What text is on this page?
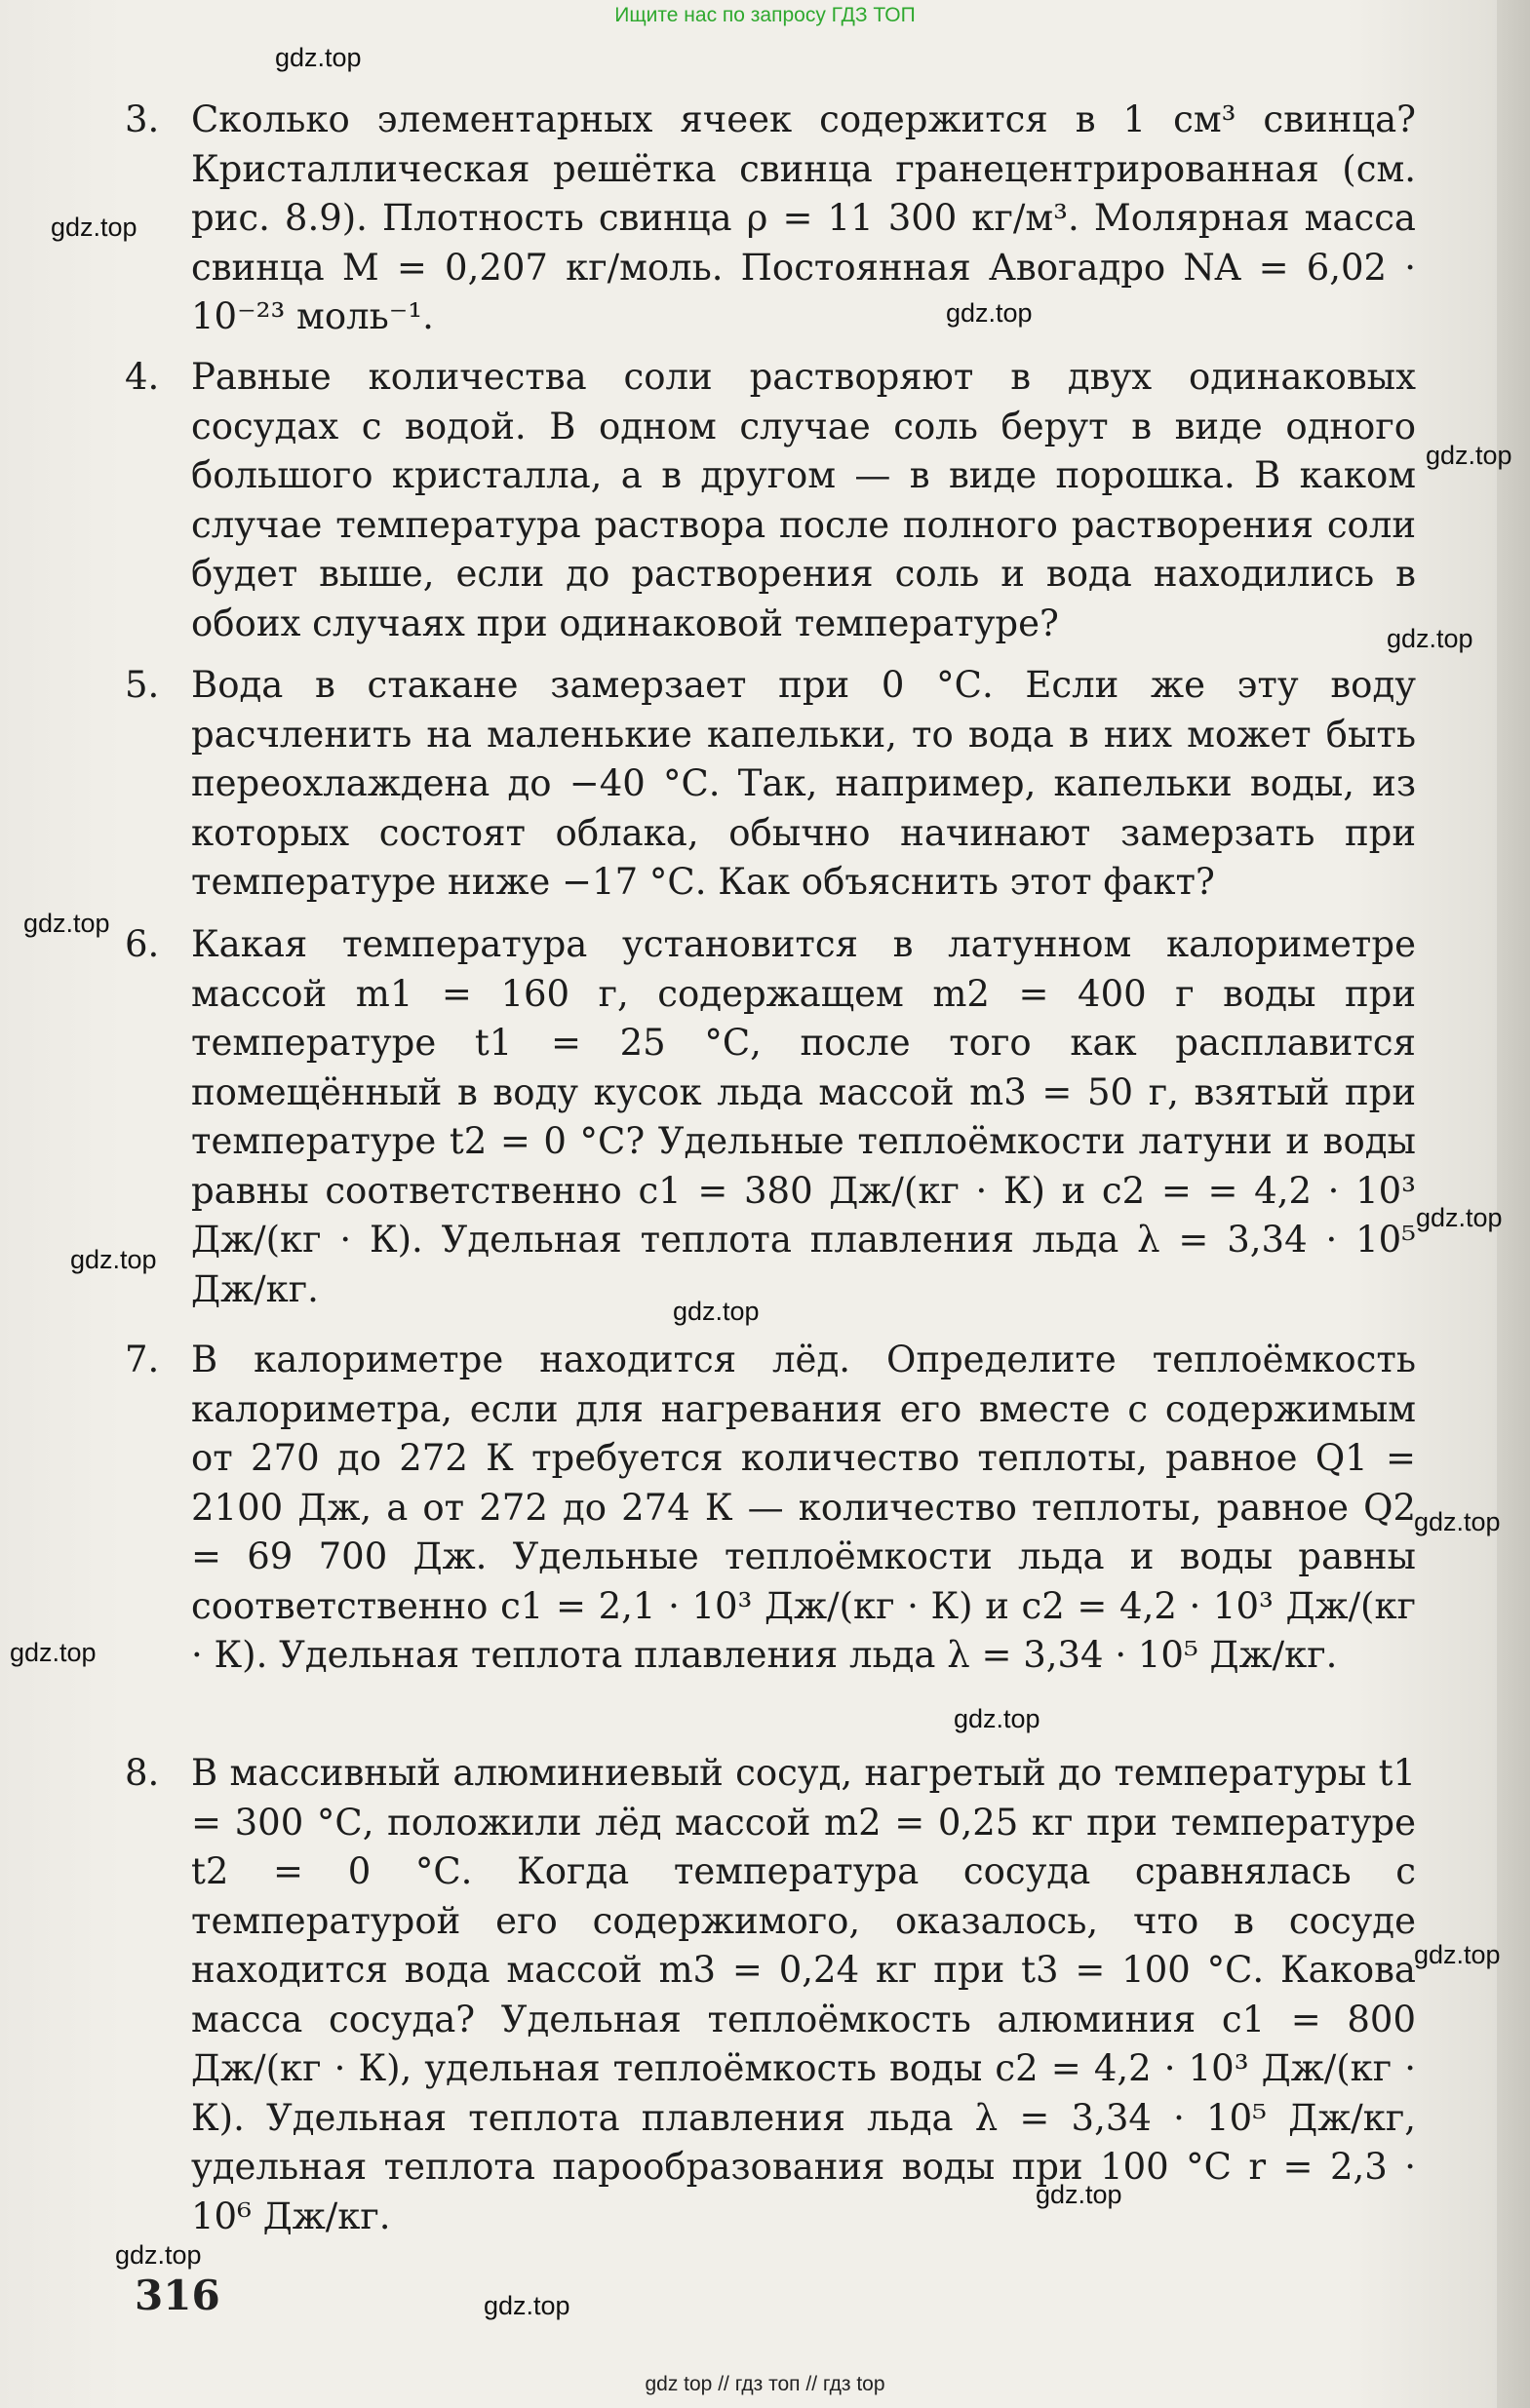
Ищите нас по запросу ГДЗ ТОП
gdz.top
gdz.top
gdz.top
gdz.top
gdz.top
gdz.top
gdz.top
gdz.top
gdz.top
gdz.top
gdz.top
gdz.top
gdz.top
gdz.top
gdz.top
gdz.top
3. Сколько элементарных ячеек содержится в 1 см³ свинца? Кристаллическая решётка свинца гранецентрированная (см. рис. 8.9). Плотность свинца ρ = 11 300 кг/м³. Молярная масса свинца M = 0,207 кг/моль. Постоянная Авогадро NA = 6,02 · 10⁻²³ моль⁻¹.
4. Равные количества соли растворяют в двух одинаковых сосудах с водой. В одном случае соль берут в виде одного большого кристалла, а в другом — в виде порошка. В каком случае температура раствора после полного растворения соли будет выше, если до растворения соль и вода находились в обоих случаях при одинаковой температуре?
5. Вода в стакане замерзает при 0 °С. Если же эту воду расчленить на маленькие капельки, то вода в них может быть переохлаждена до −40 °С. Так, например, капельки воды, из которых состоят облака, обычно начинают замерзать при температуре ниже −17 °С. Как объяснить этот факт?
6. Какая температура установится в латунном калориметре массой m1 = 160 г, содержащем m2 = 400 г воды при температуре t1 = 25 °С, после того как расплавится помещённый в воду кусок льда массой m3 = 50 г, взятый при температуре t2 = 0 °С? Удельные теплоёмкости латуни и воды равны соответственно c1 = 380 Дж/(кг · К) и c2 = = 4,2 · 10³ Дж/(кг · К). Удельная теплота плавления льда λ = 3,34 · 10⁵ Дж/кг.
7. В калориметре находится лёд. Определите теплоёмкость калориметра, если для нагревания его вместе с содержимым от 270 до 272 К требуется количество теплоты, равное Q1 = 2100 Дж, а от 272 до 274 К — количество теплоты, равное Q2 = 69 700 Дж. Удельные теплоёмкости льда и воды равны соответственно c1 = 2,1 · 10³ Дж/(кг · К) и c2 = 4,2 · 10³ Дж/(кг · К). Удельная теплота плавления льда λ = 3,34 · 10⁵ Дж/кг.
8. В массивный алюминиевый сосуд, нагретый до температуры t1 = 300 °С, положили лёд массой m2 = 0,25 кг при температуре t2 = 0 °С. Когда температура сосуда сравнялась с температурой его содержимого, оказалось, что в сосуде находится вода массой m3 = 0,24 кг при t3 = 100 °С. Какова масса сосуда? Удельная теплоёмкость алюминия c1 = 800 Дж/(кг · К), удельная теплоёмкость воды c2 = 4,2 · 10³ Дж/(кг · К). Удельная теплота плавления льда λ = 3,34 · 10⁵ Дж/кг, удельная теплота парообразования воды при 100 °С r = 2,3 · 10⁶ Дж/кг.
316
gdz top // гдз топ // гдз top
